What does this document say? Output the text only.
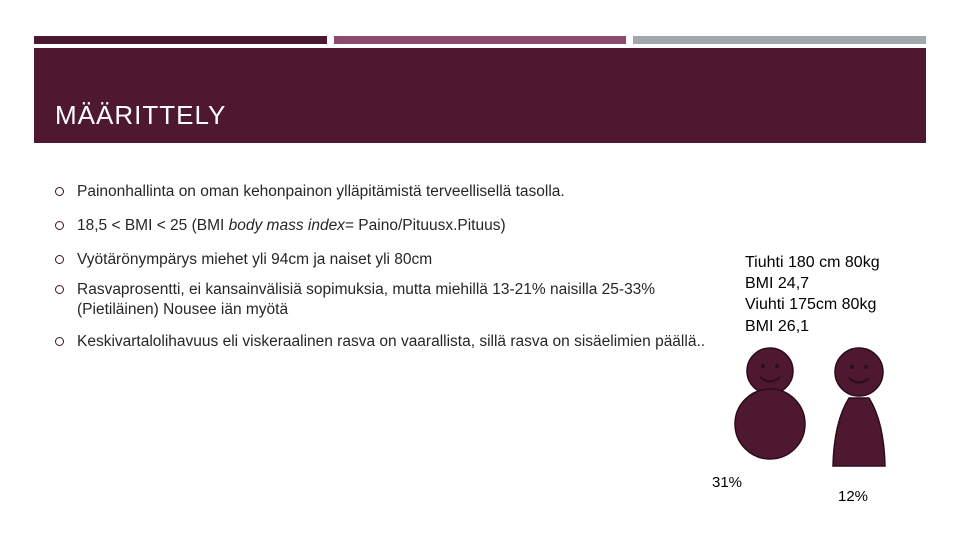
MÄÄRITTELY
Painonhallinta on oman kehonpainon ylläpitämistä terveellisellä tasolla.
18,5 < BMI < 25 (BMI body mass index= Paino/Pituusx.Pituus)
Vyötärönympärys miehet yli 94cm ja naiset yli 80cm
Rasvaprosentti, ei kansainvälisiä sopimuksia, mutta miehillä 13-21% naisilla 25-33%
(Pietiläinen) Nousee iän myötä
Keskivartalolihavuus eli viskeraalinen rasva on vaarallista, sillä rasva on sisäelimien päällä..
Tiuhti 180 cm 80kg
BMI 24,7
Viuhti 175cm 80kg
BMI 26,1
31%
12%
